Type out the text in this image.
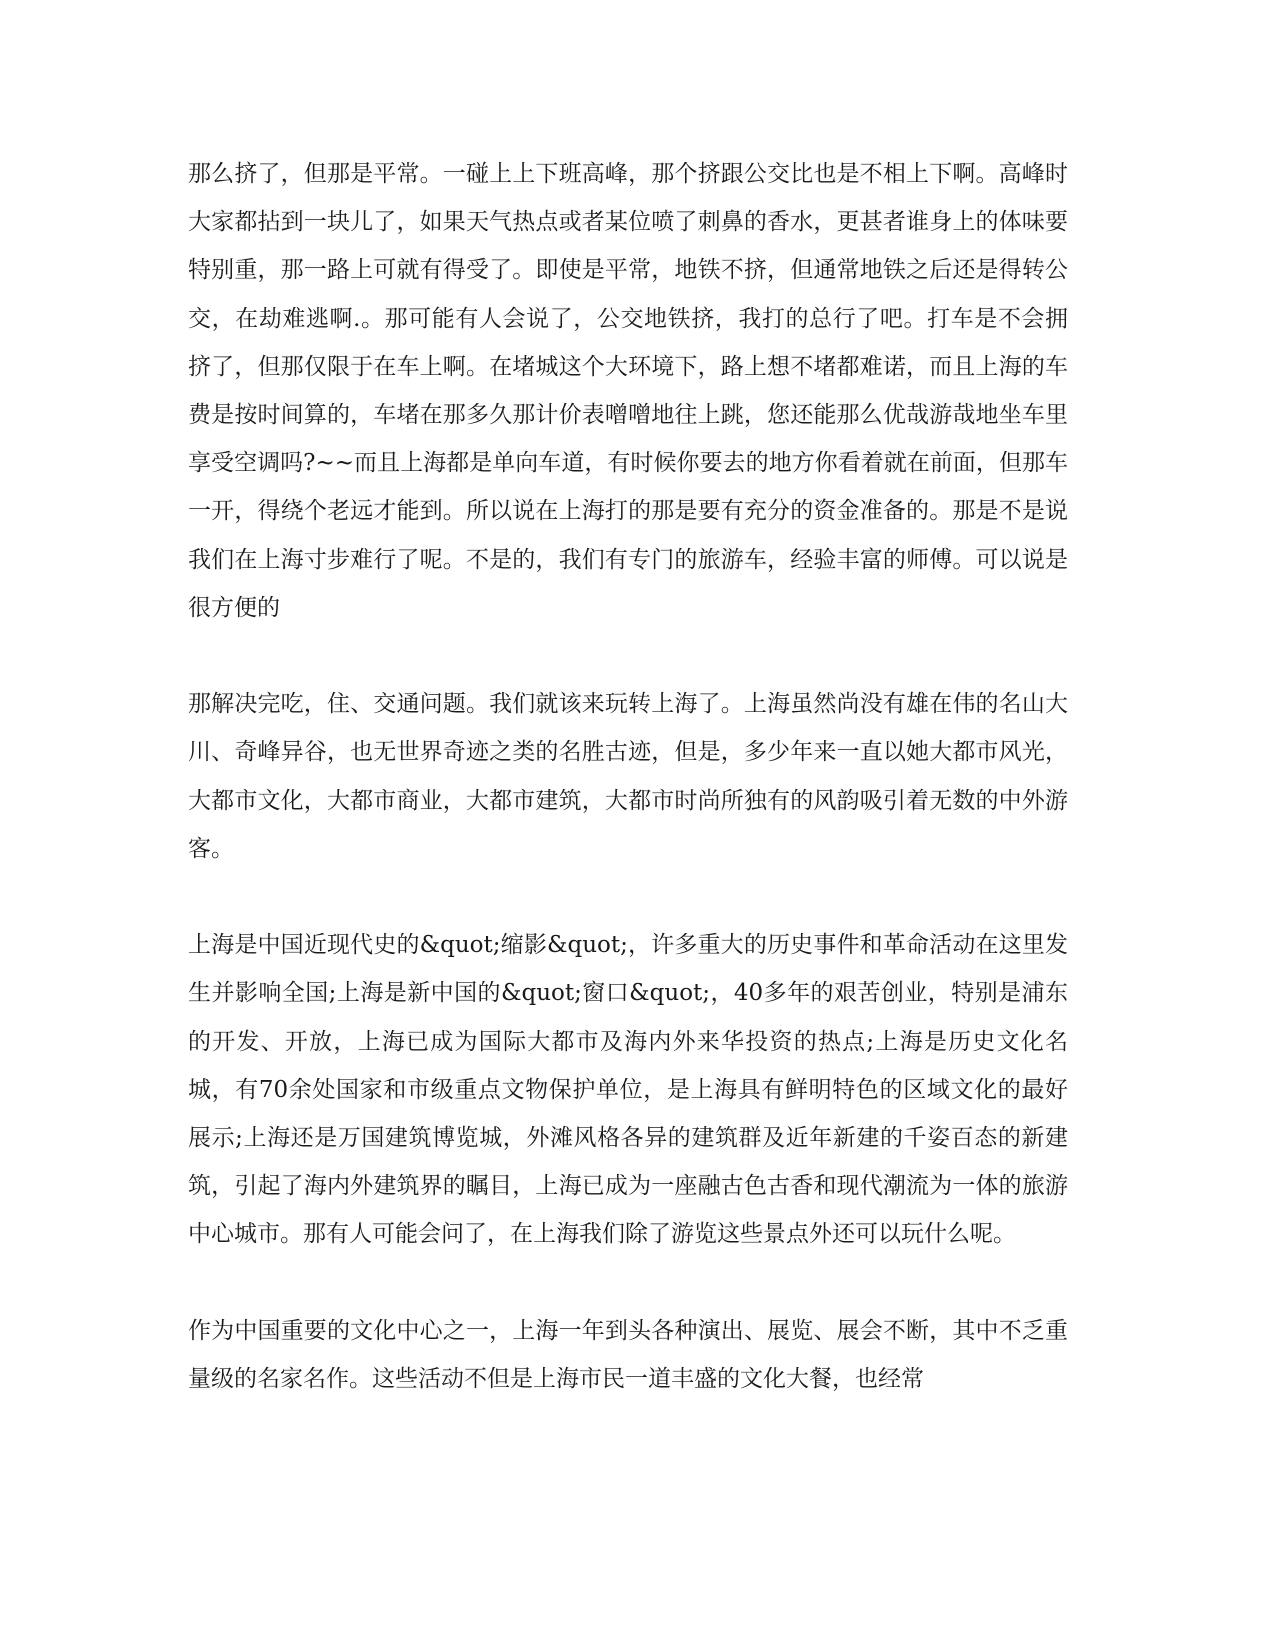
那么挤了，但那是平常。一碰上上下班高峰，那个挤跟公交比也是不相上下啊。高峰时大家都拈到一块儿了，如果天气热点或者某位喷了刺鼻的香水，更甚者谁身上的体味要特别重，那一路上可就有得受了。即使是平常，地铁不挤，但通常地铁之后还是得转公交，在劫难逃啊.。那可能有人会说了，公交地铁挤，我打的总行了吧。打车是不会拥挤了，但那仅限于在车上啊。在堵城这个大环境下，路上想不堵都难诺，而且上海的车费是按时间算的，车堵在那多久那计价表噌噌地往上跳，您还能那么优哉游哉地坐车里享受空调吗?~~而且上海都是单向车道，有时候你要去的地方你看着就在前面，但那车一开，得绕个老远才能到。所以说在上海打的那是要有充分的资金准备的。那是不是说我们在上海寸步难行了呢。不是的，我们有专门的旅游车，经验丰富的师傅。可以说是很方便的

那解决完吃，住、交通问题。我们就该来玩转上海了。上海虽然尚没有雄在伟的名山大川、奇峰异谷，也无世界奇迹之类的名胜古迹，但是，多少年来一直以她大都市风光，大都市文化，大都市商业，大都市建筑，大都市时尚所独有的风韵吸引着无数的中外游客。

上海是中国近现代史的&quot;缩影&quot;，许多重大的历史事件和革命活动在这里发生并影响全国;上海是新中国的&quot;窗口&quot;，40多年的艰苦创业，特别是浦东的开发、开放，上海已成为国际大都市及海内外来华投资的热点;上海是历史文化名城，有70余处国家和市级重点文物保护单位，是上海具有鲜明特色的区域文化的最好展示;上海还是万国建筑博览城，外滩风格各异的建筑群及近年新建的千姿百态的新建筑，引起了海内外建筑界的瞩目，上海已成为一座融古色古香和现代潮流为一体的旅游中心城市。那有人可能会问了，在上海我们除了游览这些景点外还可以玩什么呢。

作为中国重要的文化中心之一，上海一年到头各种演出、展览、展会不断，其中不乏重量级的名家名作。这些活动不但是上海市民一道丰盛的文化大餐，也经常
